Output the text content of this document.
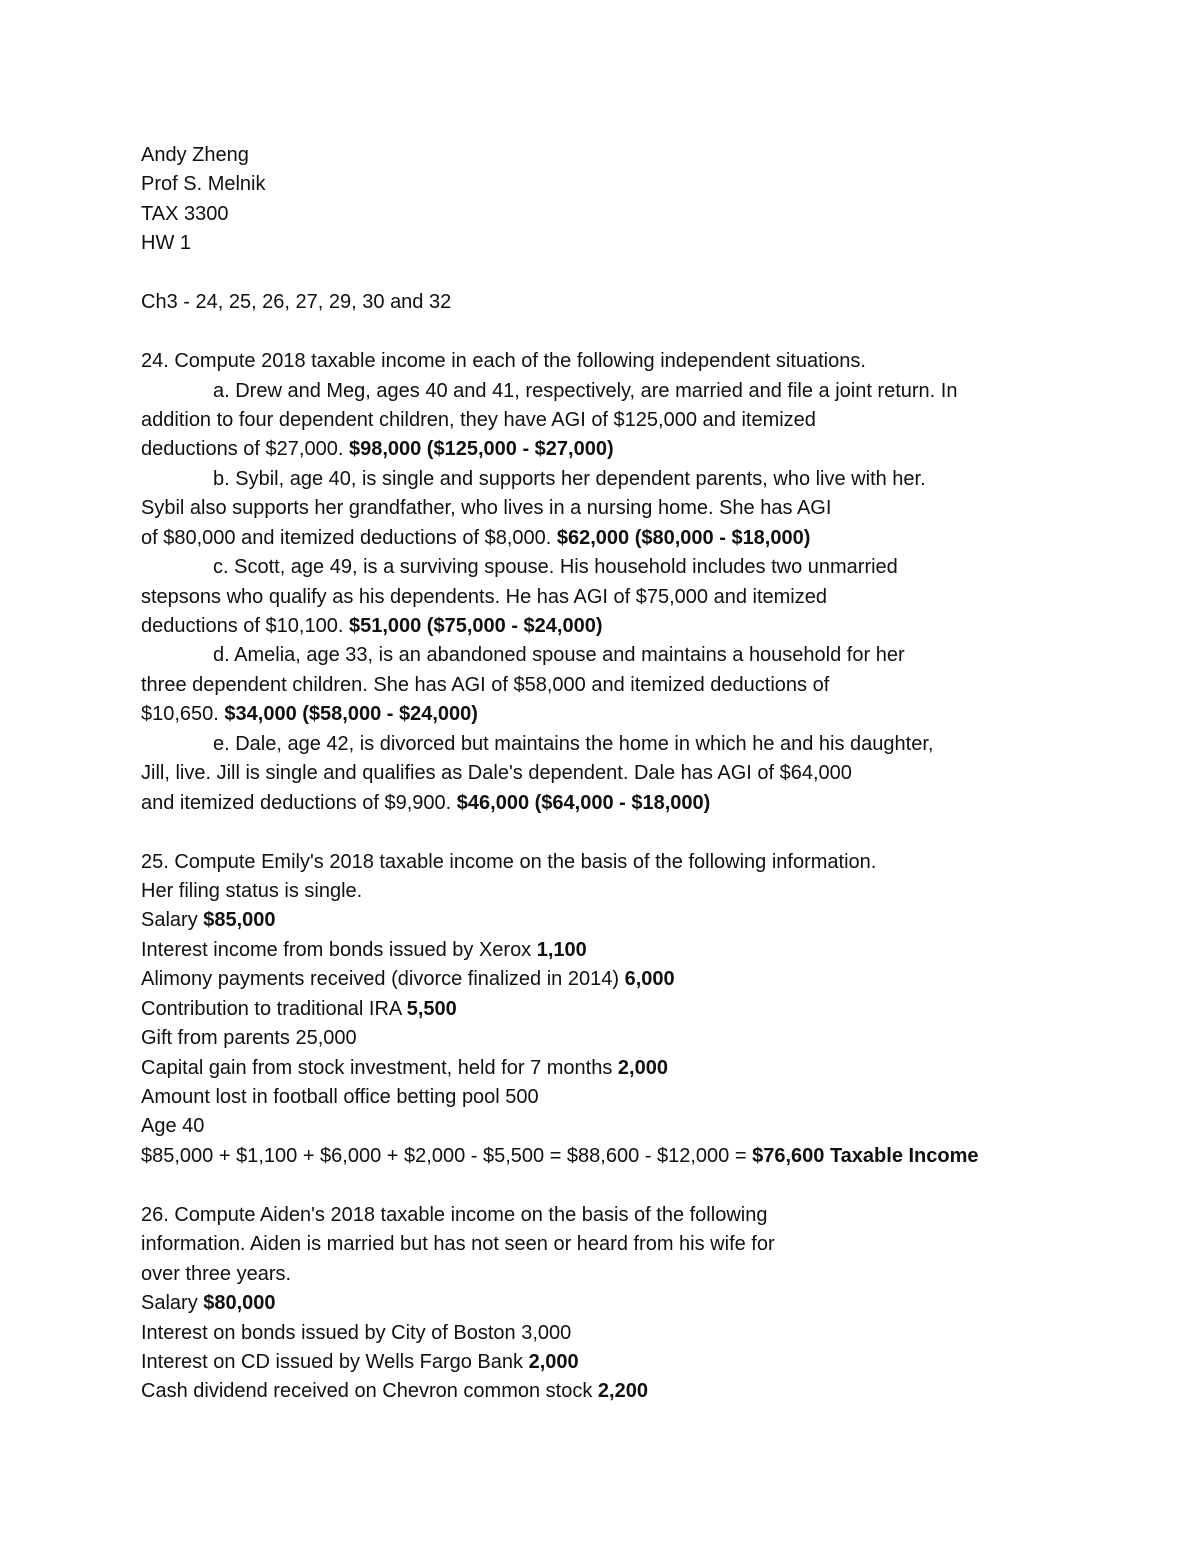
Andy Zheng
Prof S. Melnik
TAX 3300
HW 1
Ch3 - 24, 25, 26, 27, 29, 30 and 32
24. Compute 2018 taxable income in each of the following independent situations.
a. Drew and Meg, ages 40 and 41, respectively, are married and file a joint return. In
addition to four dependent children, they have AGI of $125,000 and itemized
deductions of $27,000. $98,000 ($125,000 - $27,000)
b. Sybil, age 40, is single and supports her dependent parents, who live with her.
Sybil also supports her grandfather, who lives in a nursing home. She has AGI
of $80,000 and itemized deductions of $8,000. $62,000 ($80,000 - $18,000)
c. Scott, age 49, is a surviving spouse. His household includes two unmarried
stepsons who qualify as his dependents. He has AGI of $75,000 and itemized
deductions of $10,100. $51,000 ($75,000 - $24,000)
d. Amelia, age 33, is an abandoned spouse and maintains a household for her
three dependent children. She has AGI of $58,000 and itemized deductions of
$10,650. $34,000 ($58,000 - $24,000)
e. Dale, age 42, is divorced but maintains the home in which he and his daughter,
Jill, live. Jill is single and qualifies as Dale's dependent. Dale has AGI of $64,000
and itemized deductions of $9,900. $46,000 ($64,000 - $18,000)
25. Compute Emily's 2018 taxable income on the basis of the following information.
Her filing status is single.
Salary $85,000
Interest income from bonds issued by Xerox 1,100
Alimony payments received (divorce finalized in 2014) 6,000
Contribution to traditional IRA 5,500
Gift from parents 25,000
Capital gain from stock investment, held for 7 months 2,000
Amount lost in football office betting pool 500
Age 40
$85,000 + $1,100 + $6,000 + $2,000 - $5,500 = $88,600 - $12,000 = $76,600 Taxable Income
26. Compute Aiden's 2018 taxable income on the basis of the following
information. Aiden is married but has not seen or heard from his wife for
over three years.
Salary $80,000
Interest on bonds issued by City of Boston 3,000
Interest on CD issued by Wells Fargo Bank 2,000
Cash dividend received on Chevron common stock 2,200
